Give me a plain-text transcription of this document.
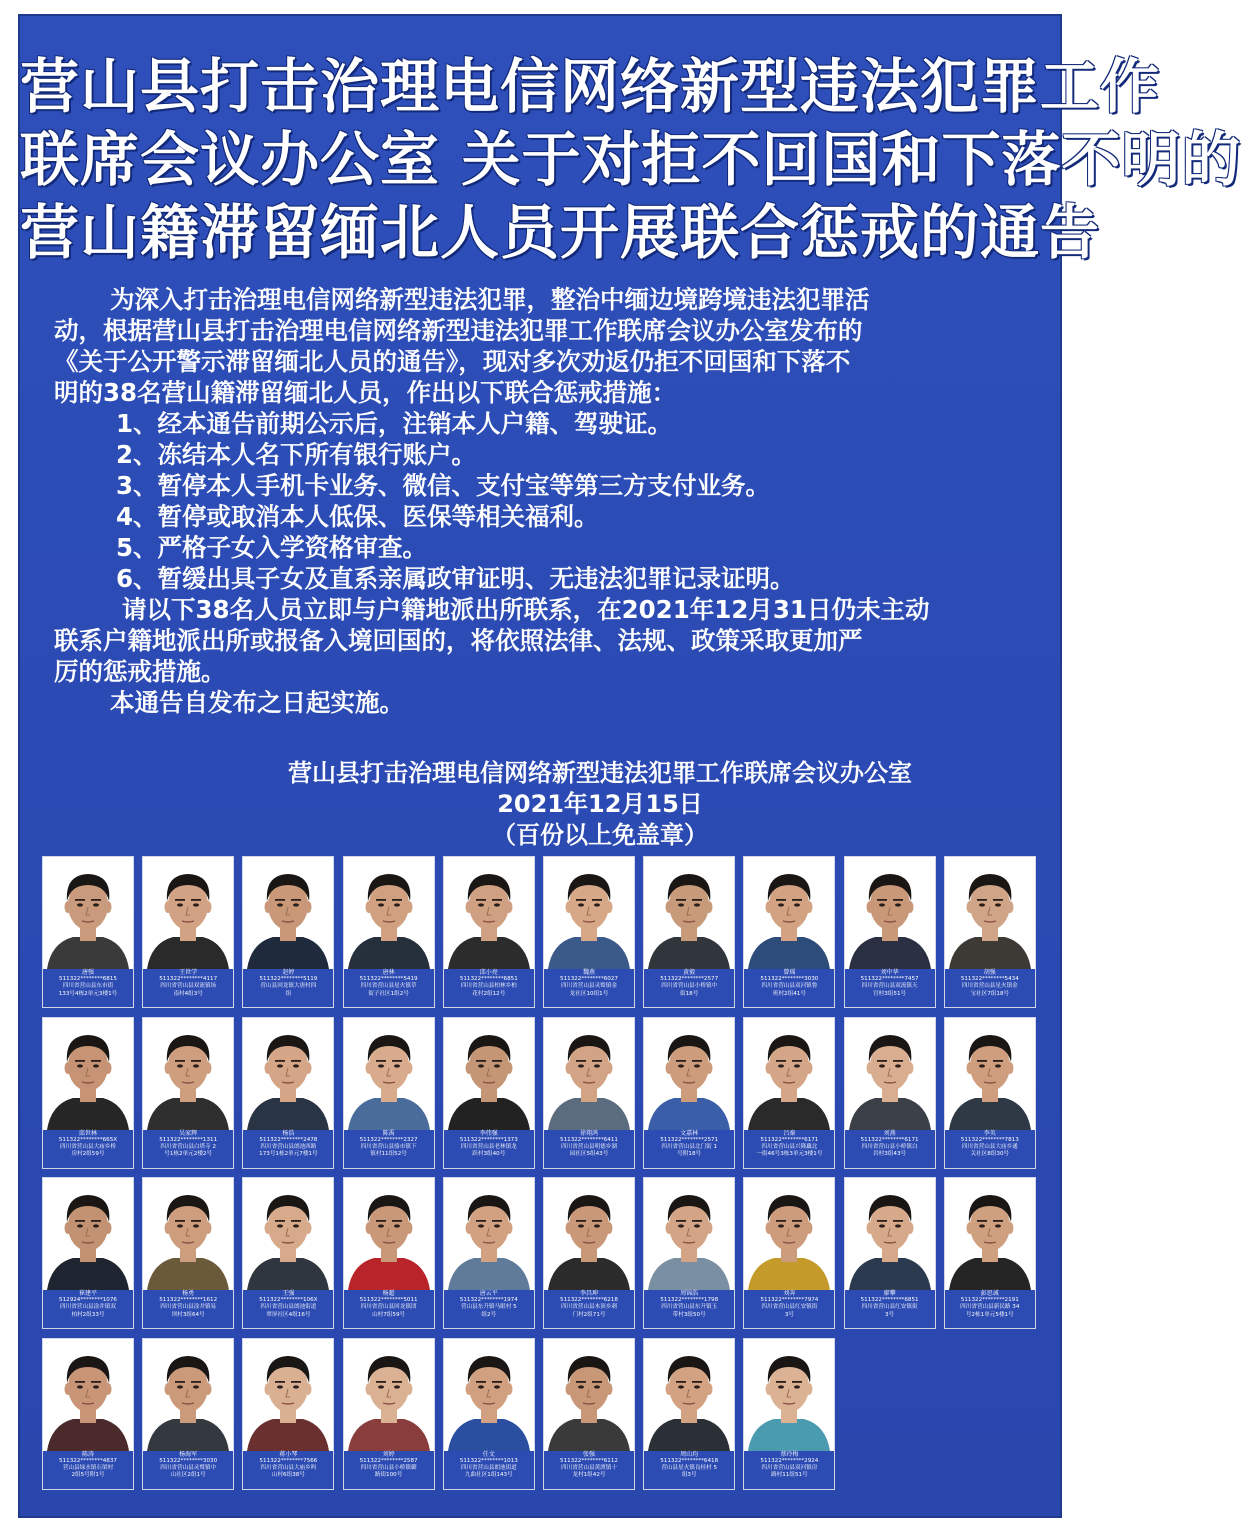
营山县打击治理电信网络新型违法犯罪工作
联席会议办公室 关于对拒不回国和下落不明的
营山籍滞留缅北人员开展联合惩戒的通告
为深入打击治理电信网络新型违法犯罪，整治中缅边境跨境违法犯罪活
动，根据营山县打击治理电信网络新型违法犯罪工作联席会议办公室发布的
《关于公开警示滞留缅北人员的通告》，现对多次劝返仍拒不回国和下落不
明的38名营山籍滞留缅北人员，作出以下联合惩戒措施：
1、经本通告前期公示后，注销本人户籍、驾驶证。
2、冻结本人名下所有银行账户。
3、暂停本人手机卡业务、微信、支付宝等第三方支付业务。
4、暂停或取消本人低保、医保等相关福利。
5、严格子女入学资格审查。
6、暂缓出具子女及直系亲属政审证明、无违法犯罪记录证明。
请以下38名人员立即与户籍地派出所联系，在2021年12月31日仍未主动
联系户籍地派出所或报备入境回国的，将依照法律、法规、政策采取更加严
厉的惩戒措施。
本通告自发布之日起实施。
营山县打击治理电信网络新型违法犯罪工作联席会议办公室
2021年12月15日
（百份以上免盖章）
唐强
511322********6815
四川省营山县东市街
133号4栋2单元3楼1号
王世学
511322********4117
四川省营山县双流镇场
南村4组3号
赵婷
511322********5119
营山县回龙镇大唐村四
组
唐林
511322********5419
四川省营山县星火镇草
街子社区1组2号
邱小亮
511322********6851
四川省营山县柏林乡柏
花村2组12号
魏燕
511322********6027
四川省营山县灵鹫镇金
龙社区10组1号
黄毅
511322********2577
四川省营山县小桥镇中
街18号
曾瑶
511322********3030
四川省营山县双河镇鲁
班村2组41号
刘中华
511322********7457
四川省营山县双流镇天
宫村3组51号
胡强
511322********5434
四川省营山县星火镇金
宝社区7组18号
邱世林
511322********665X
四川省营山县大庙乡桥
房村2组59号
吴家辉
511322********1311
四川省营山县白塔寺 2
号1栋2单元2楼2号
杨浩
511322********2478
四川省营山县朗池西路
173号1栋2单元7楼1号
陈禹
511322********2327
四川省营山县骆市镇下
镇村11组52号
李伟强
511322********1373
四川省营山县老林镇龙
跃村3组40号
徐翔鸿
511322********6411
四川省营山县明德乡湖
园社区5组43号
文嘉林
511322********2571
四川省营山县北门街 1
号附18号
吕秦
511322********6171
四川省营山县兴隆藕北
一街46号3栋3单元3楼1号
刘燕
511322********6171
四川省营山县小桥镇白
岩村3组43号
李英
511322********7813
四川省营山县大庙乡通
关社区8组30号
崔建平
512924********1076
四川省营山县涂井镇双
柏村2组33号
杨勇
511322********1612
四川省营山县涂井镇易
坝村3组64号
王强
511322********106X
四川省营山县朗池街道
翠屏社区4组16号
杨超
511322********5011
四川省营山县回龙镇团
山村7组59号
唐云平
511322********1974
营山县东升镇马眼村 5
组2号
李昌坤
511322********6218
四川省营山县木顶乡刺
门村2组71号
周锦浩
511322********1798
四川省营山县东升镇玉
带村3组50号
刘奔
511322********7974
四川省营山县红安镇街
3号
廖攀
511322********6851
四川省营山县红安镇街
3号
彭思诚
511322********2191
四川省营山县新民路 34
号2栋1单元5楼1号
陈涛
511322********4837
营山县绿水镇石梁村
2组5号附1号
杨海军
511322********3030
四川省营山县灵鹫镇中
山社区2组1号
蒋小琴
511322********7566
四川省营山县大庙乡吗
山村6组38号
刘婷
511322********2587
四川省营山县小桥镇御
路街100号
任文
511322********1013
四川省营山县朗池街道
九曲社区1组143号
张强
511322********6112
四川省营山县黄渡镇十
龙村1组42号
周山均
511322********6418
营山县星火镇良桂村 5
组3号
蔡玲梅
511322********2924
四川省营山县双河镇房
路村11组51号
